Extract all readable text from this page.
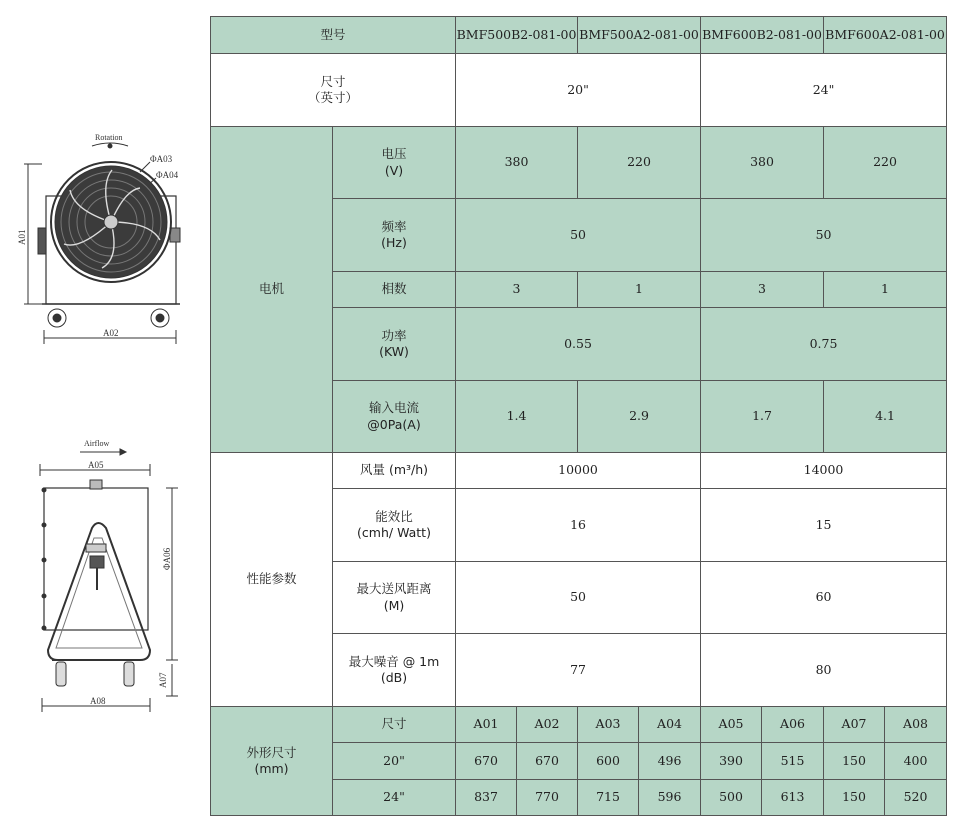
Rotation
ΦA03
ΦA04
A01
A02
Airflow
A05
ΦA06
A07
A08
型号		BMF500B2-081-00		BMF500A2-081-00		BMF600B2-081-00		BMF600A2-081-00	

尺寸
（英寸）		20"				24"			
电机	电压
(V)	380		220		380		220	

	频率
(Hz)	50				50			
	相数	3		1		3		1	

	功率
(KW)	0.55				0.75			

	输入电流
@0Pa(A)	1.4		2.9		1.7		4.1	
性能参数	风量 (m³/h)	10000				14000			

	能效比
(cmh/ Watt)	16				15			

	最大送风距离
(M)	50				60			

	最大噪音 @ 1m
(dB)	77				80			

外形尺寸
(mm)	尺寸	A01	A02	A03	A04	A05	A06	A07	A08
	20"	670	670	600	496	390	515	150	400
	24"	837	770	715	596	500	613	150	520
